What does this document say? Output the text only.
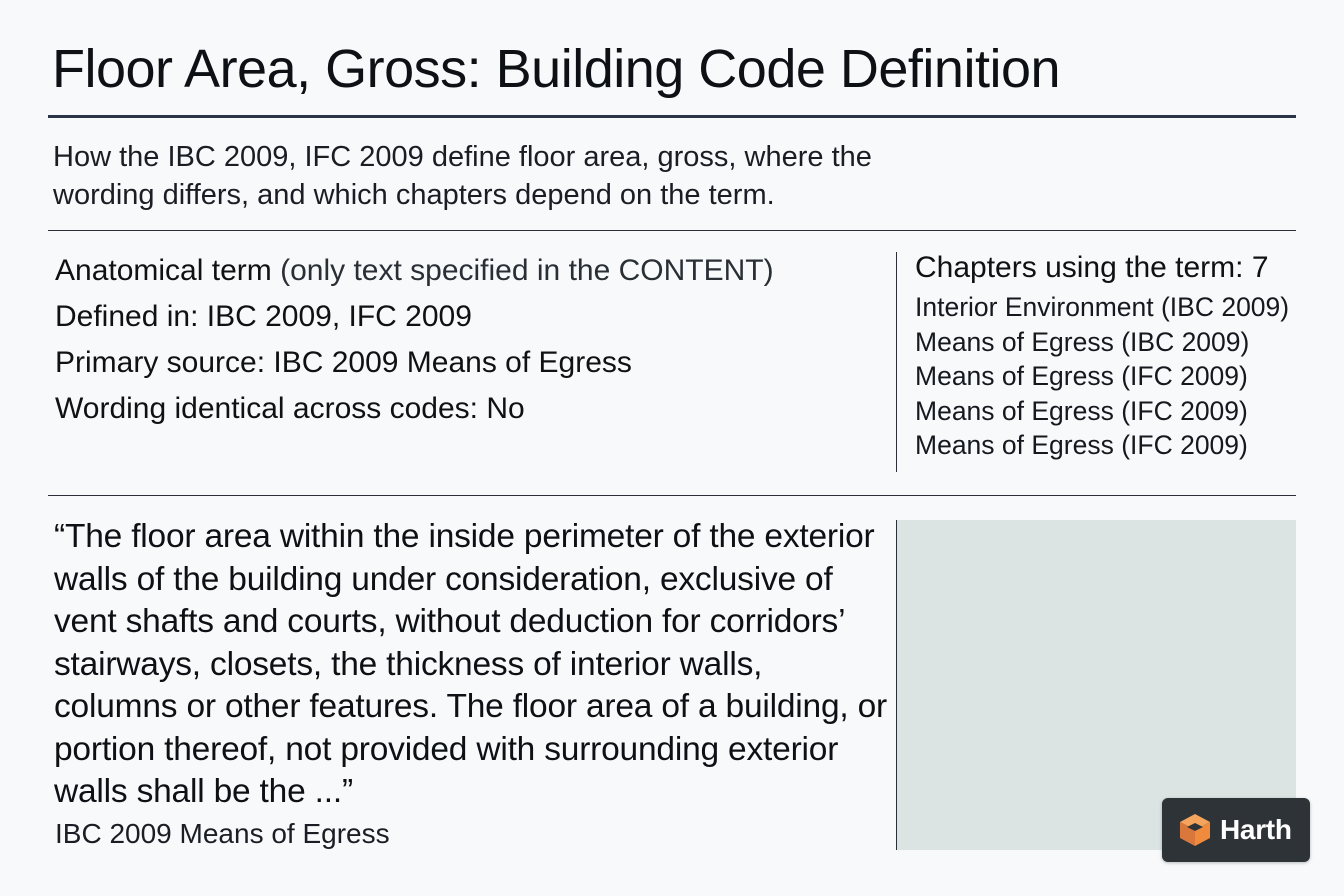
Floor Area, Gross: Building Code Definition
How the IBC 2009, IFC 2009 define floor area, gross, where the wording differs, and which chapters depend on the term.
Anatomical term (only text specified in the CONTENT)
Defined in: IBC 2009, IFC 2009
Primary source: IBC 2009 Means of Egress
Wording identical across codes: No
Chapters using the term: 7
Interior Environment (IBC 2009)
Means of Egress (IBC 2009)
Means of Egress (IFC 2009)
Means of Egress (IFC 2009)
Means of Egress (IFC 2009)
“The floor area within the inside perimeter of the exterior walls of the building under consideration, exclusive of vent shafts and courts, without deduction for corridors’ stairways, closets, the thickness of interior walls, columns or other features. The floor area of a building, or portion thereof, not provided with surrounding exterior walls shall be the ...”
IBC 2009 Means of Egress	Harth
